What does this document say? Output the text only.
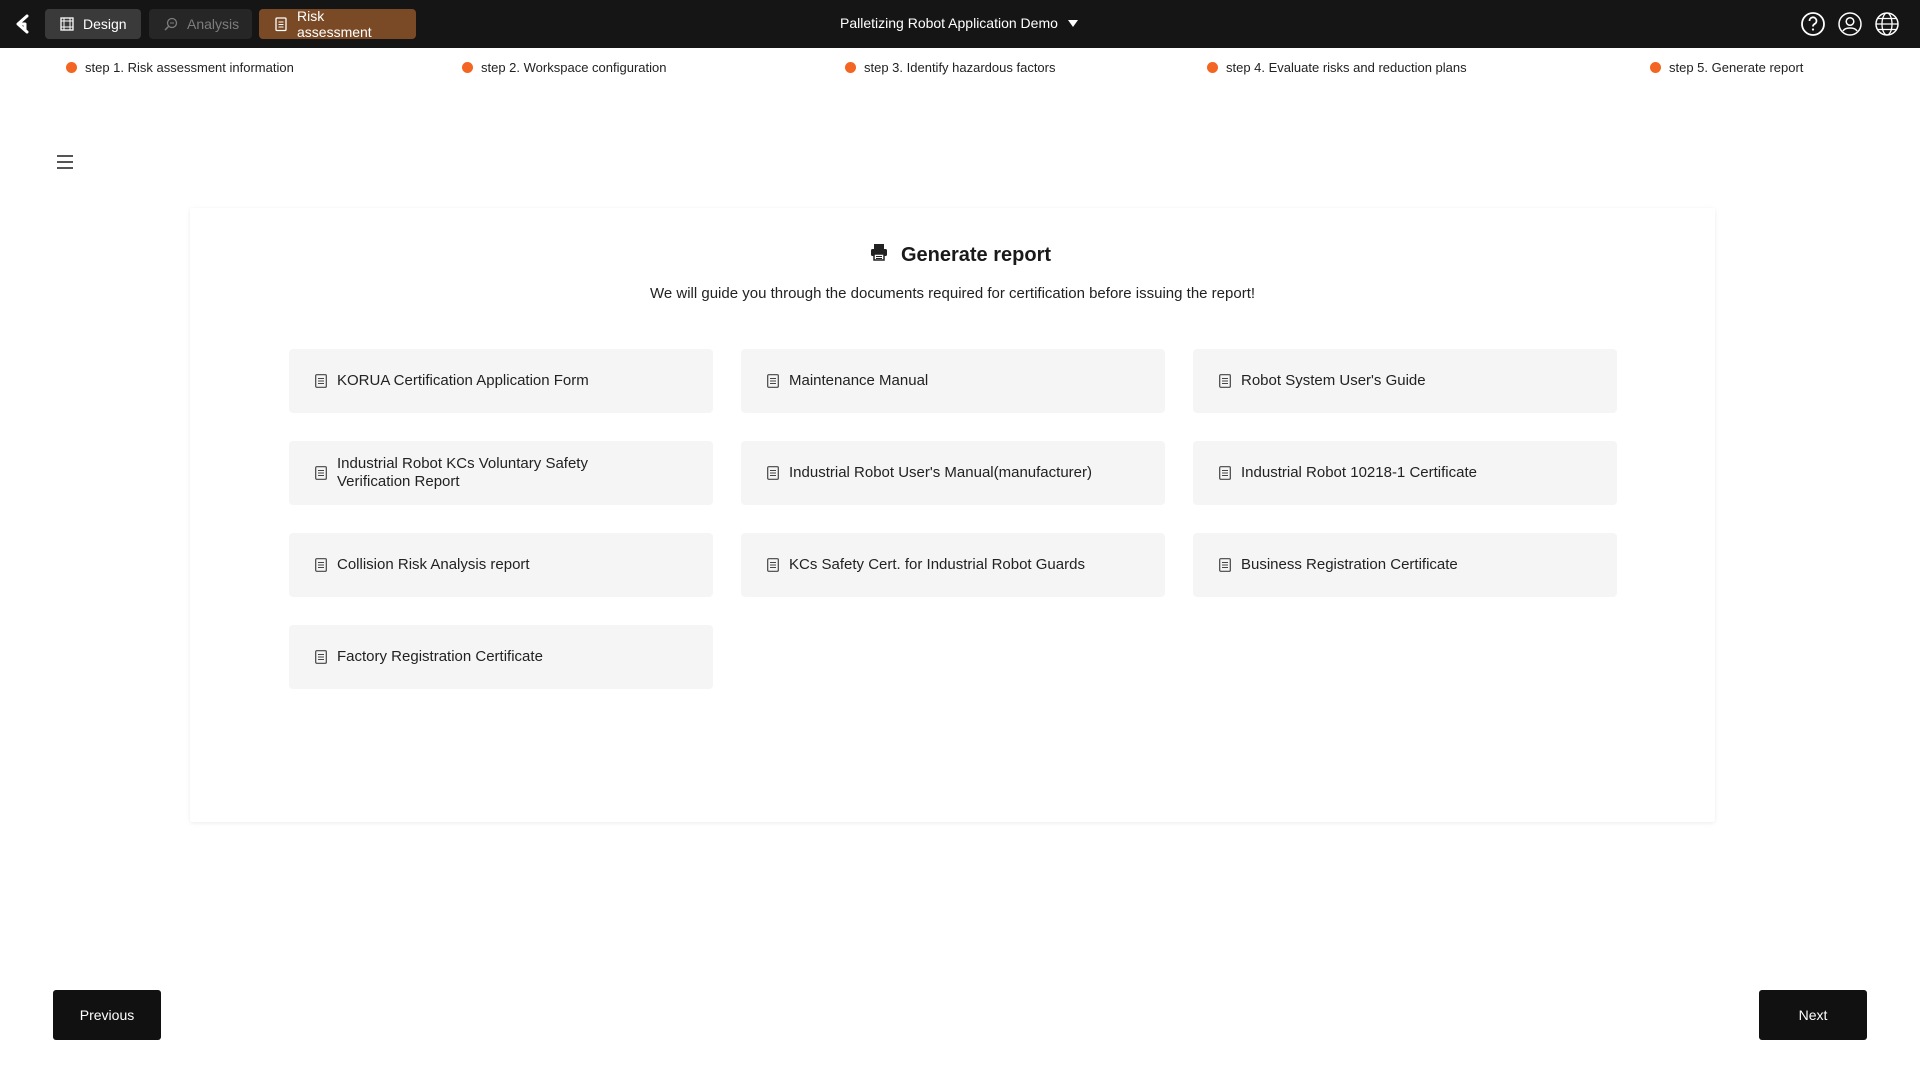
Design	Analysis	Risk assessment
Palletizing Robot Application Demo
step 1. Risk assessment information	step 2. Workspace configuration	step 3. Identify hazardous factors	step 4. Evaluate risks and reduction plans	step 5. Generate report
Generate report
We will guide you through the documents required for certification before issuing the report!
KORUA Certification Application Form	Maintenance Manual	Robot System User's Guide
Industrial Robot KCs Voluntary Safety Verification Report
Industrial Robot User's Manual(manufacturer)	Industrial Robot 10218-1 Certificate
Collision Risk Analysis report	KCs Safety Cert. for Industrial Robot Guards	Business Registration Certificate
Factory Registration Certificate
Previous	Next
